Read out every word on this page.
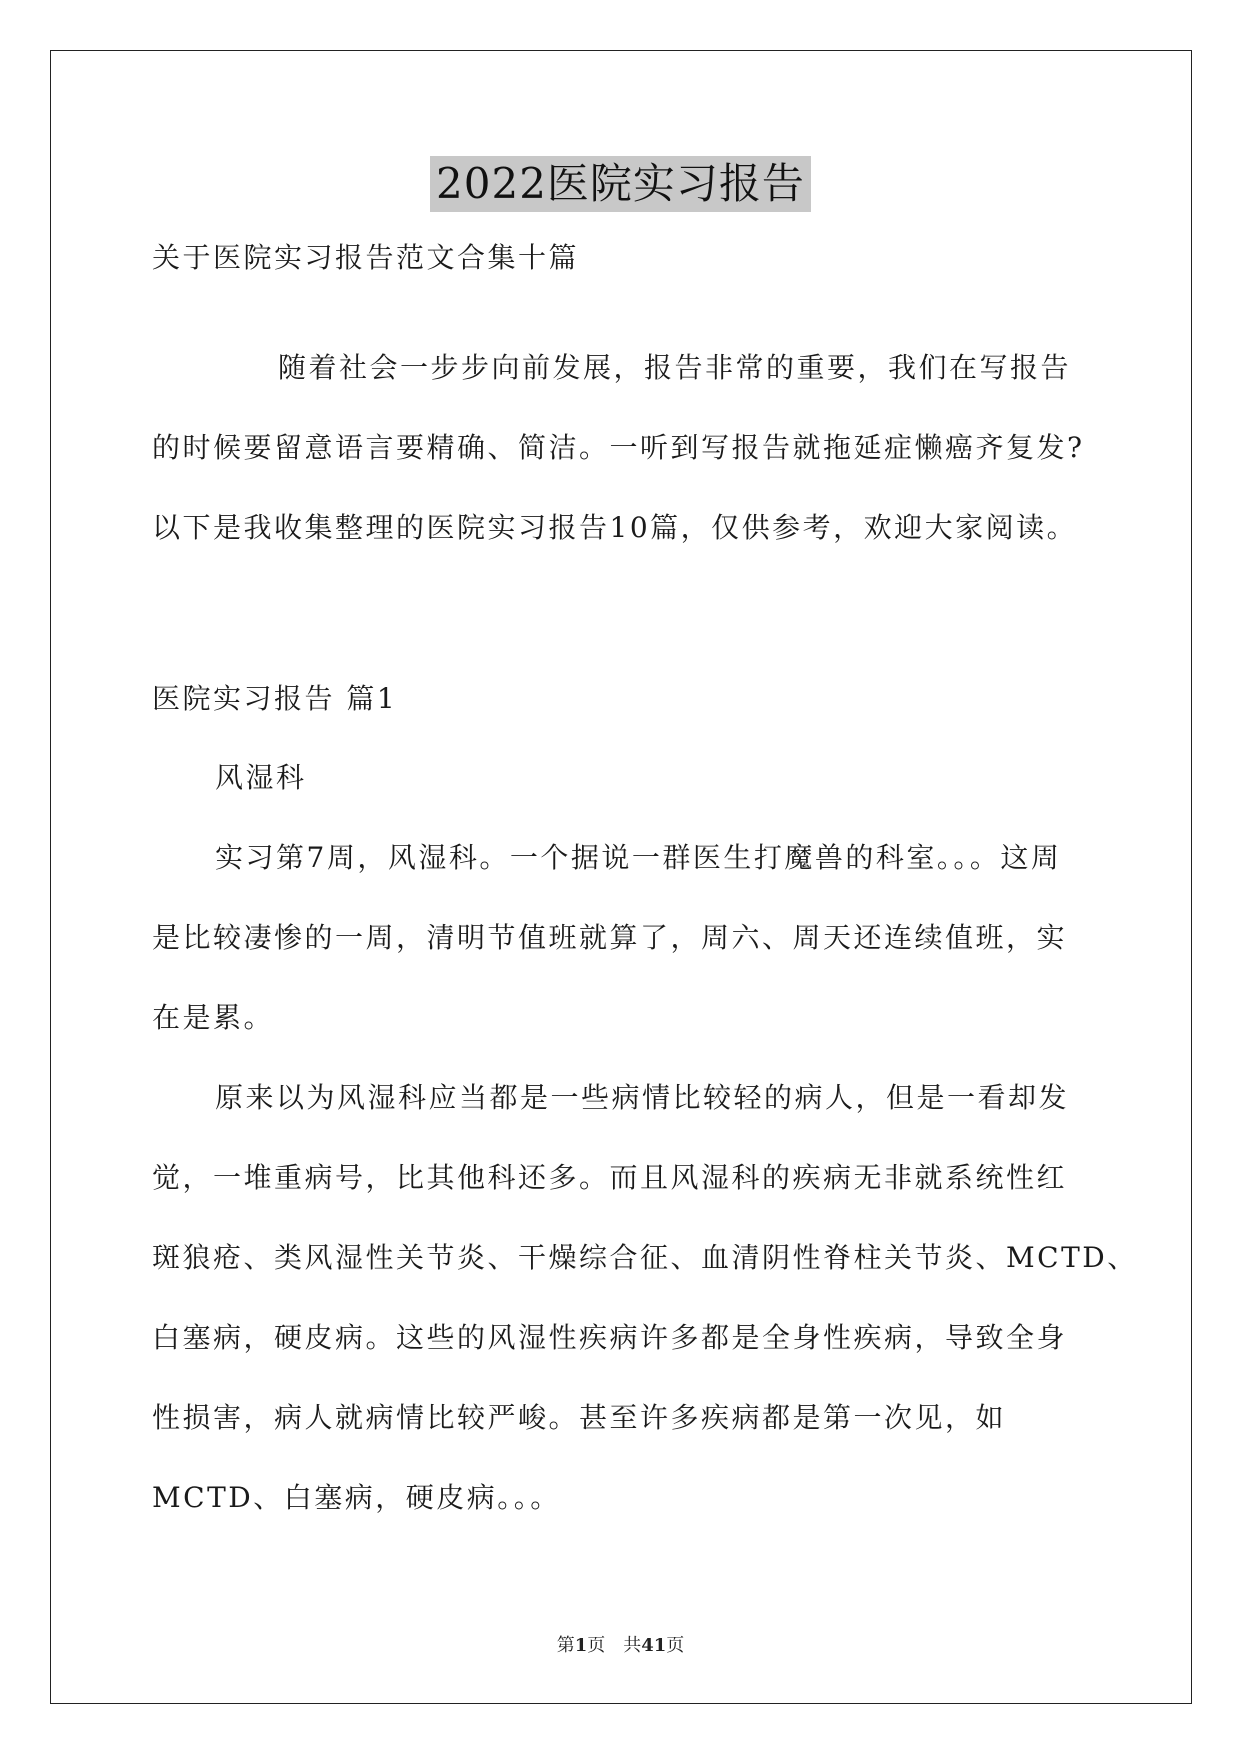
2022医院实习报告
关于医院实习报告范文合集十篇
随着社会一步步向前发展，报告非常的重要，我们在写报告
的时候要留意语言要精确、简洁。一听到写报告就拖延症懒癌齐复发?
以下是我收集整理的医院实习报告10篇，仅供参考，欢迎大家阅读。
医院实习报告 篇1
风湿科
实习第7周，风湿科。一个据说一群医生打魔兽的科室。。。这周
是比较凄惨的一周，清明节值班就算了，周六、周天还连续值班，实
在是累。
原来以为风湿科应当都是一些病情比较轻的病人，但是一看却发
觉，一堆重病号，比其他科还多。而且风湿科的疾病无非就系统性红
斑狼疮、类风湿性关节炎、干燥综合征、血清阴性脊柱关节炎、MCTD、
白塞病，硬皮病。这些的风湿性疾病许多都是全身性疾病，导致全身
性损害，病人就病情比较严峻。甚至许多疾病都是第一次见，如
MCTD、白塞病，硬皮病。。。
第1页　共41页
